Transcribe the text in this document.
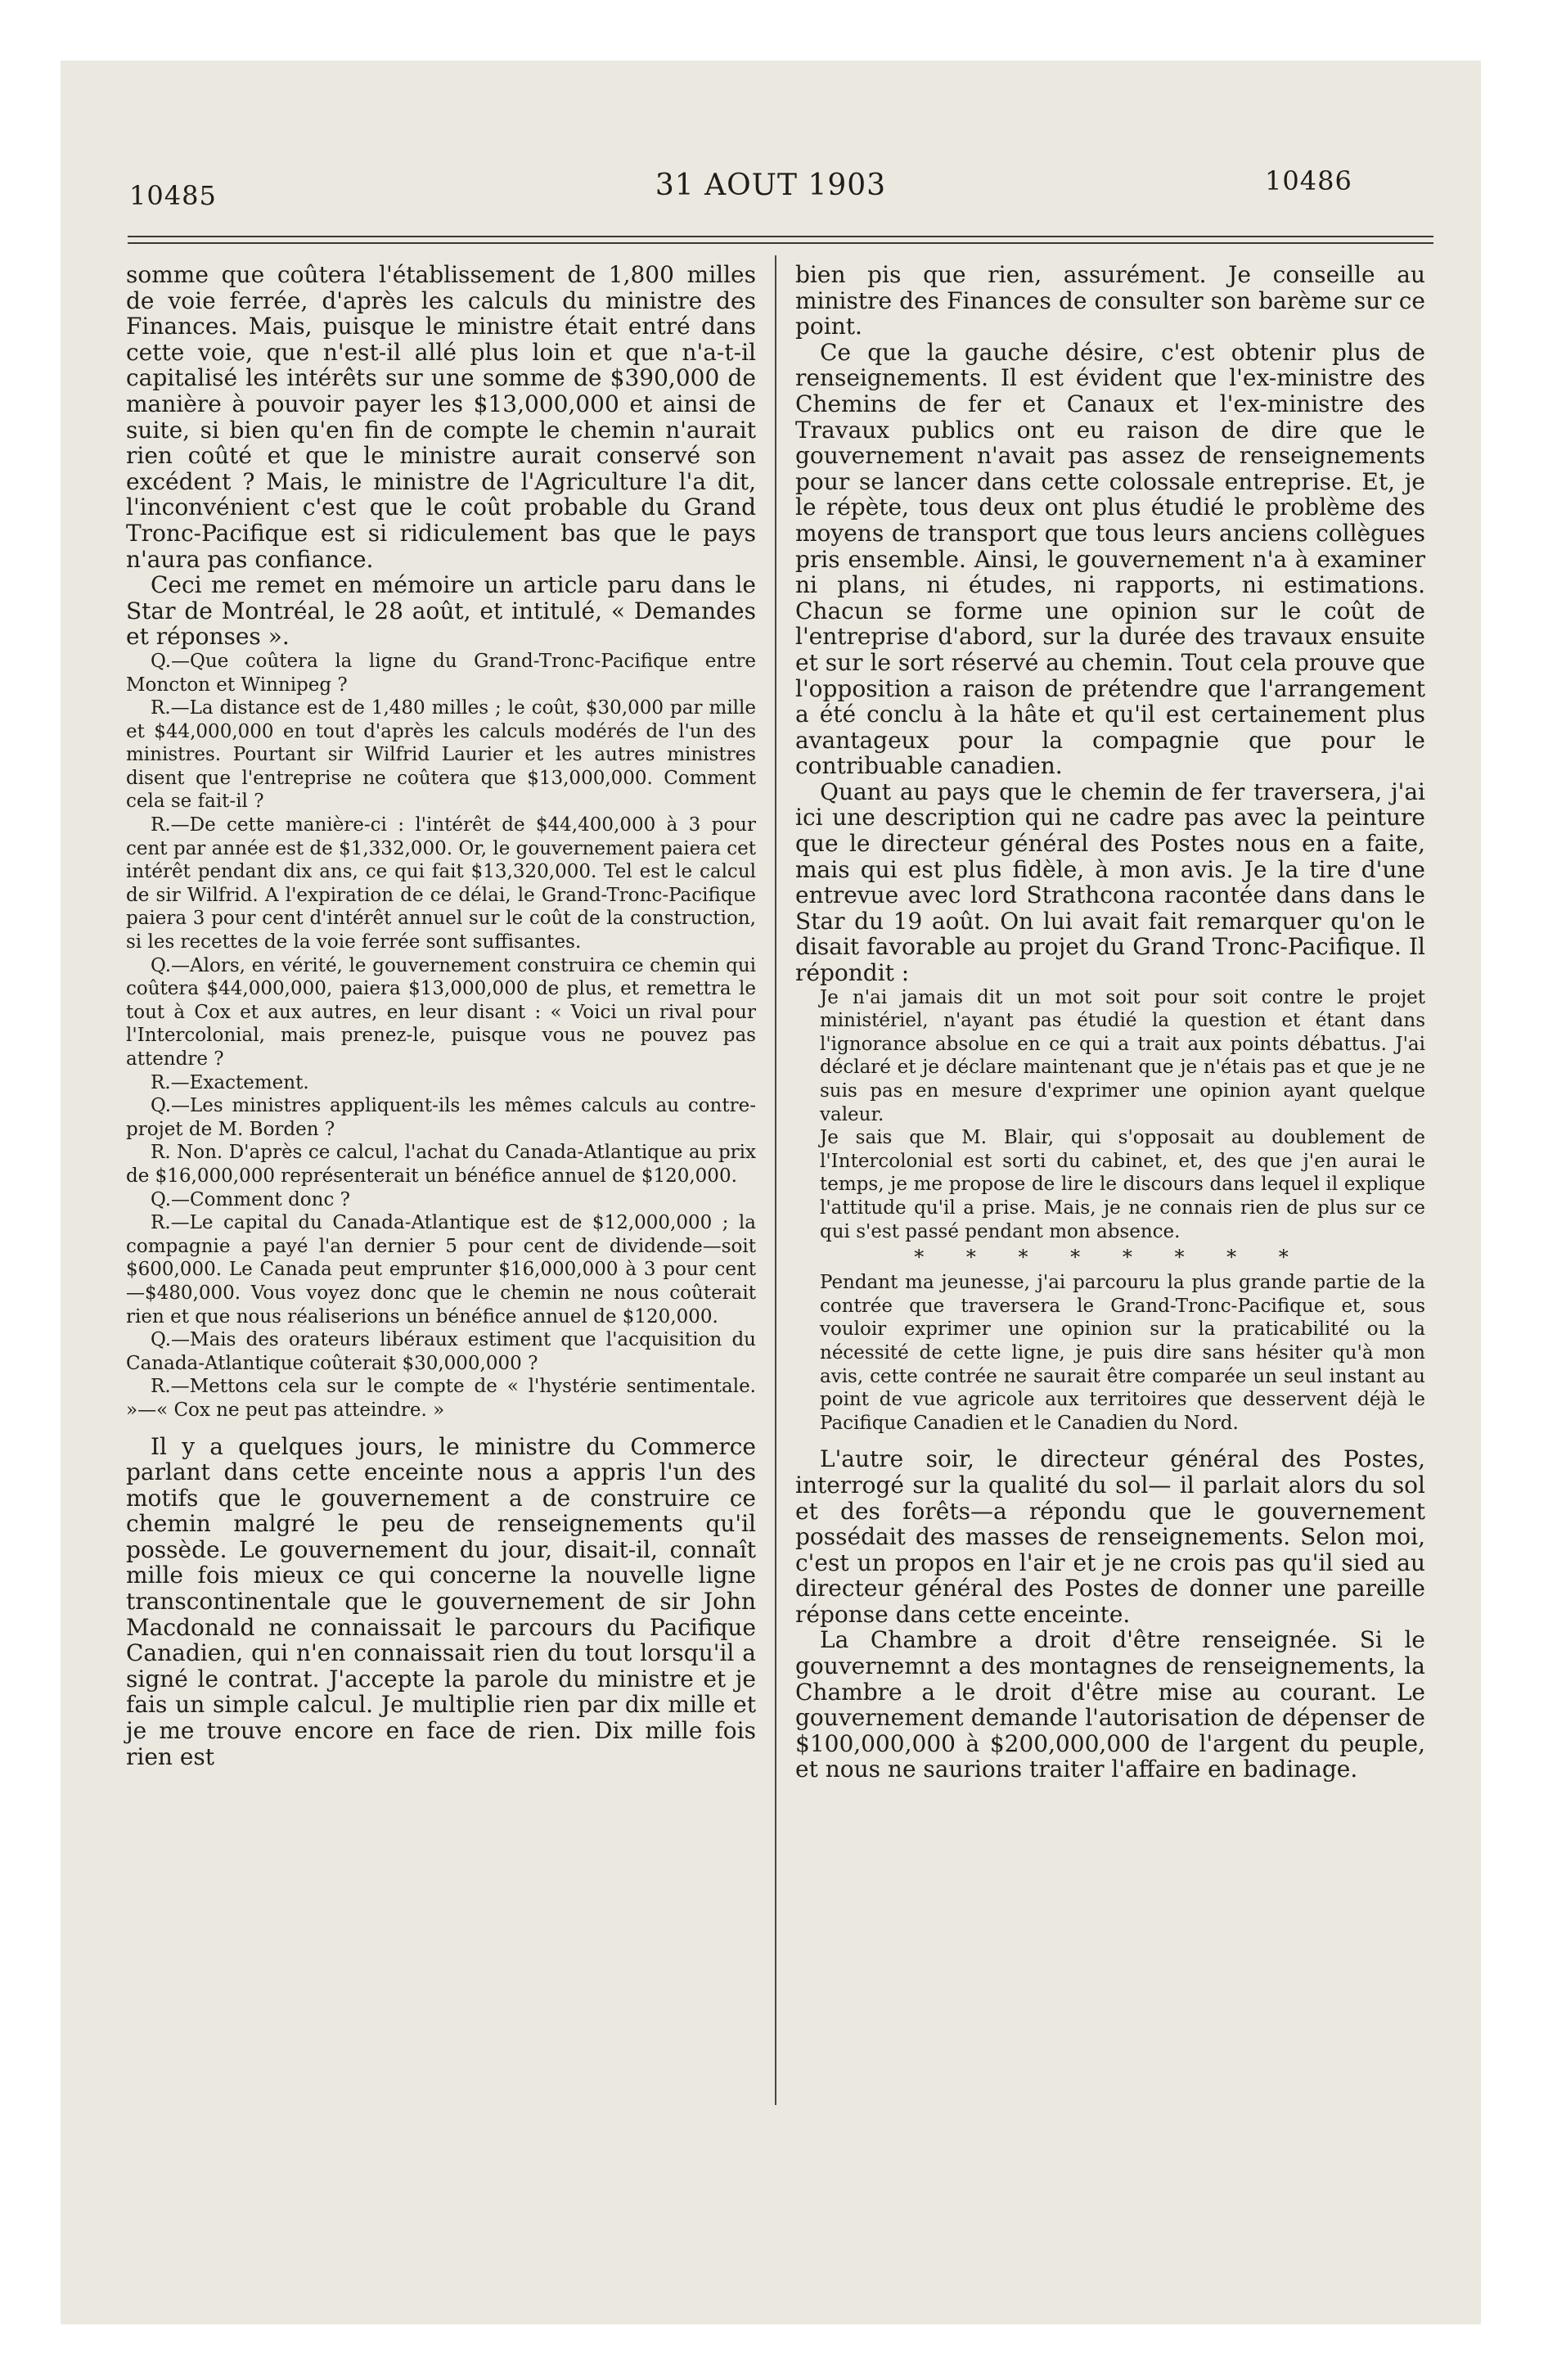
10485	31 AOUT 1903	10486

somme que coûtera l'établissement de 1,800 milles de voie ferrée, d'après les calculs du ministre des Finances. Mais, puisque le ministre était entré dans cette voie, que n'est-il allé plus loin et que n'a-t-il capitalisé les intérêts sur une somme de $390,000 de manière à pouvoir payer les $13,000,000 et ainsi de suite, si bien qu'en fin de compte le chemin n'aurait rien coûté et que le ministre aurait conservé son excédent ? Mais, le ministre de l'Agriculture l'a dit, l'inconvénient c'est que le coût probable du Grand Tronc-Pacifique est si ridiculement bas que le pays n'aura pas confiance.

Ceci me remet en mémoire un article paru dans le Star de Montréal, le 28 août, et intitulé, « Demandes et réponses ».

Q.—Que coûtera la ligne du Grand-Tronc-Pacifique entre Moncton et Winnipeg ?

R.—La distance est de 1,480 milles ; le coût, $30,000 par mille et $44,000,000 en tout d'après les calculs modérés de l'un des ministres. Pourtant sir Wilfrid Laurier et les autres ministres disent que l'entreprise ne coûtera que $13,000,000. Comment cela se fait-il ?

R.—De cette manière-ci : l'intérêt de $44,400,000 à 3 pour cent par année est de $1,332,000. Or, le gouvernement paiera cet intérêt pendant dix ans, ce qui fait $13,320,000. Tel est le calcul de sir Wilfrid. A l'expiration de ce délai, le Grand-Tronc-Pacifique paiera 3 pour cent d'intérêt annuel sur le coût de la construction, si les recettes de la voie ferrée sont suffisantes.

Q.—Alors, en vérité, le gouvernement construira ce chemin qui coûtera $44,000,000, paiera $13,000,000 de plus, et remettra le tout à Cox et aux autres, en leur disant : « Voici un rival pour l'Intercolonial, mais prenez-le, puisque vous ne pouvez pas attendre ?

R.—Exactement.

Q.—Les ministres appliquent-ils les mêmes calculs au contre-projet de M. Borden ?

R. Non. D'après ce calcul, l'achat du Canada-Atlantique au prix de $16,000,000 représenterait un bénéfice annuel de $120,000.

Q.—Comment donc ?

R.—Le capital du Canada-Atlantique est de $12,000,000 ; la compagnie a payé l'an dernier 5 pour cent de dividende—soit $600,000. Le Canada peut emprunter $16,000,000 à 3 pour cent—$480,000. Vous voyez donc que le chemin ne nous coûterait rien et que nous réaliserions un bénéfice annuel de $120,000.

Q.—Mais des orateurs libéraux estiment que l'acquisition du Canada-Atlantique coûterait $30,000,000 ?

R.—Mettons cela sur le compte de « l'hystérie sentimentale. »—« Cox ne peut pas atteindre. »

Il y a quelques jours, le ministre du Commerce parlant dans cette enceinte nous a appris l'un des motifs que le gouvernement a de construire ce chemin malgré le peu de renseignements qu'il possède. Le gouvernement du jour, disait-il, connaît mille fois mieux ce qui concerne la nouvelle ligne transcontinentale que le gouvernement de sir John Macdonald ne connaissait le parcours du Pacifique Canadien, qui n'en connaissait rien du tout lorsqu'il a signé le contrat. J'accepte la parole du ministre et je fais un simple calcul. Je multiplie rien par dix mille et je me trouve encore en face de rien. Dix mille fois rien est

bien pis que rien, assurément. Je conseille au ministre des Finances de consulter son barème sur ce point.

Ce que la gauche désire, c'est obtenir plus de renseignements. Il est évident que l'ex-ministre des Chemins de fer et Canaux et l'ex-ministre des Travaux publics ont eu raison de dire que le gouvernement n'avait pas assez de renseignements pour se lancer dans cette colossale entreprise. Et, je le répète, tous deux ont plus étudié le problème des moyens de transport que tous leurs anciens collègues pris ensemble. Ainsi, le gouvernement n'a à examiner ni plans, ni études, ni rapports, ni estimations. Chacun se forme une opinion sur le coût de l'entreprise d'abord, sur la durée des travaux ensuite et sur le sort réservé au chemin. Tout cela prouve que l'opposition a raison de prétendre que l'arrangement a été conclu à la hâte et qu'il est certainement plus avantageux pour la compagnie que pour le contribuable canadien.

Quant au pays que le chemin de fer traversera, j'ai ici une description qui ne cadre pas avec la peinture que le directeur général des Postes nous en a faite, mais qui est plus fidèle, à mon avis. Je la tire d'une entrevue avec lord Strathcona racontée dans dans le Star du 19 août. On lui avait fait remarquer qu'on le disait favorable au projet du Grand Tronc-Pacifique. Il répondit :

Je n'ai jamais dit un mot soit pour soit contre le projet ministériel, n'ayant pas étudié la question et étant dans l'ignorance absolue en ce qui a trait aux points débattus. J'ai déclaré et je déclare maintenant que je n'étais pas et que je ne suis pas en mesure d'exprimer une opinion ayant quelque valeur.

Je sais que M. Blair, qui s'opposait au doublement de l'Intercolonial est sorti du cabinet, et, des que j'en aurai le temps, je me propose de lire le discours dans lequel il explique l'attitude qu'il a prise. Mais, je ne connais rien de plus sur ce qui s'est passé pendant mon absence.

* * * * * * * *

Pendant ma jeunesse, j'ai parcouru la plus grande partie de la contrée que traversera le Grand-Tronc-Pacifique et, sous vouloir exprimer une opinion sur la praticabilité ou la nécessité de cette ligne, je puis dire sans hésiter qu'à mon avis, cette contrée ne saurait être comparée un seul instant au point de vue agricole aux territoires que desservent déjà le Pacifique Canadien et le Canadien du Nord.

L'autre soir, le directeur général des Postes, interrogé sur la qualité du sol— il parlait alors du sol et des forêts—a répondu que le gouvernement possédait des masses de renseignements. Selon moi, c'est un propos en l'air et je ne crois pas qu'il sied au directeur général des Postes de donner une pareille réponse dans cette enceinte.

La Chambre a droit d'être renseignée. Si le gouvernemnt a des montagnes de renseignements, la Chambre a le droit d'être mise au courant. Le gouvernement demande l'autorisation de dépenser de $100,000,000 à $200,000,000 de l'argent du peuple, et nous ne saurions traiter l'affaire en badinage.
